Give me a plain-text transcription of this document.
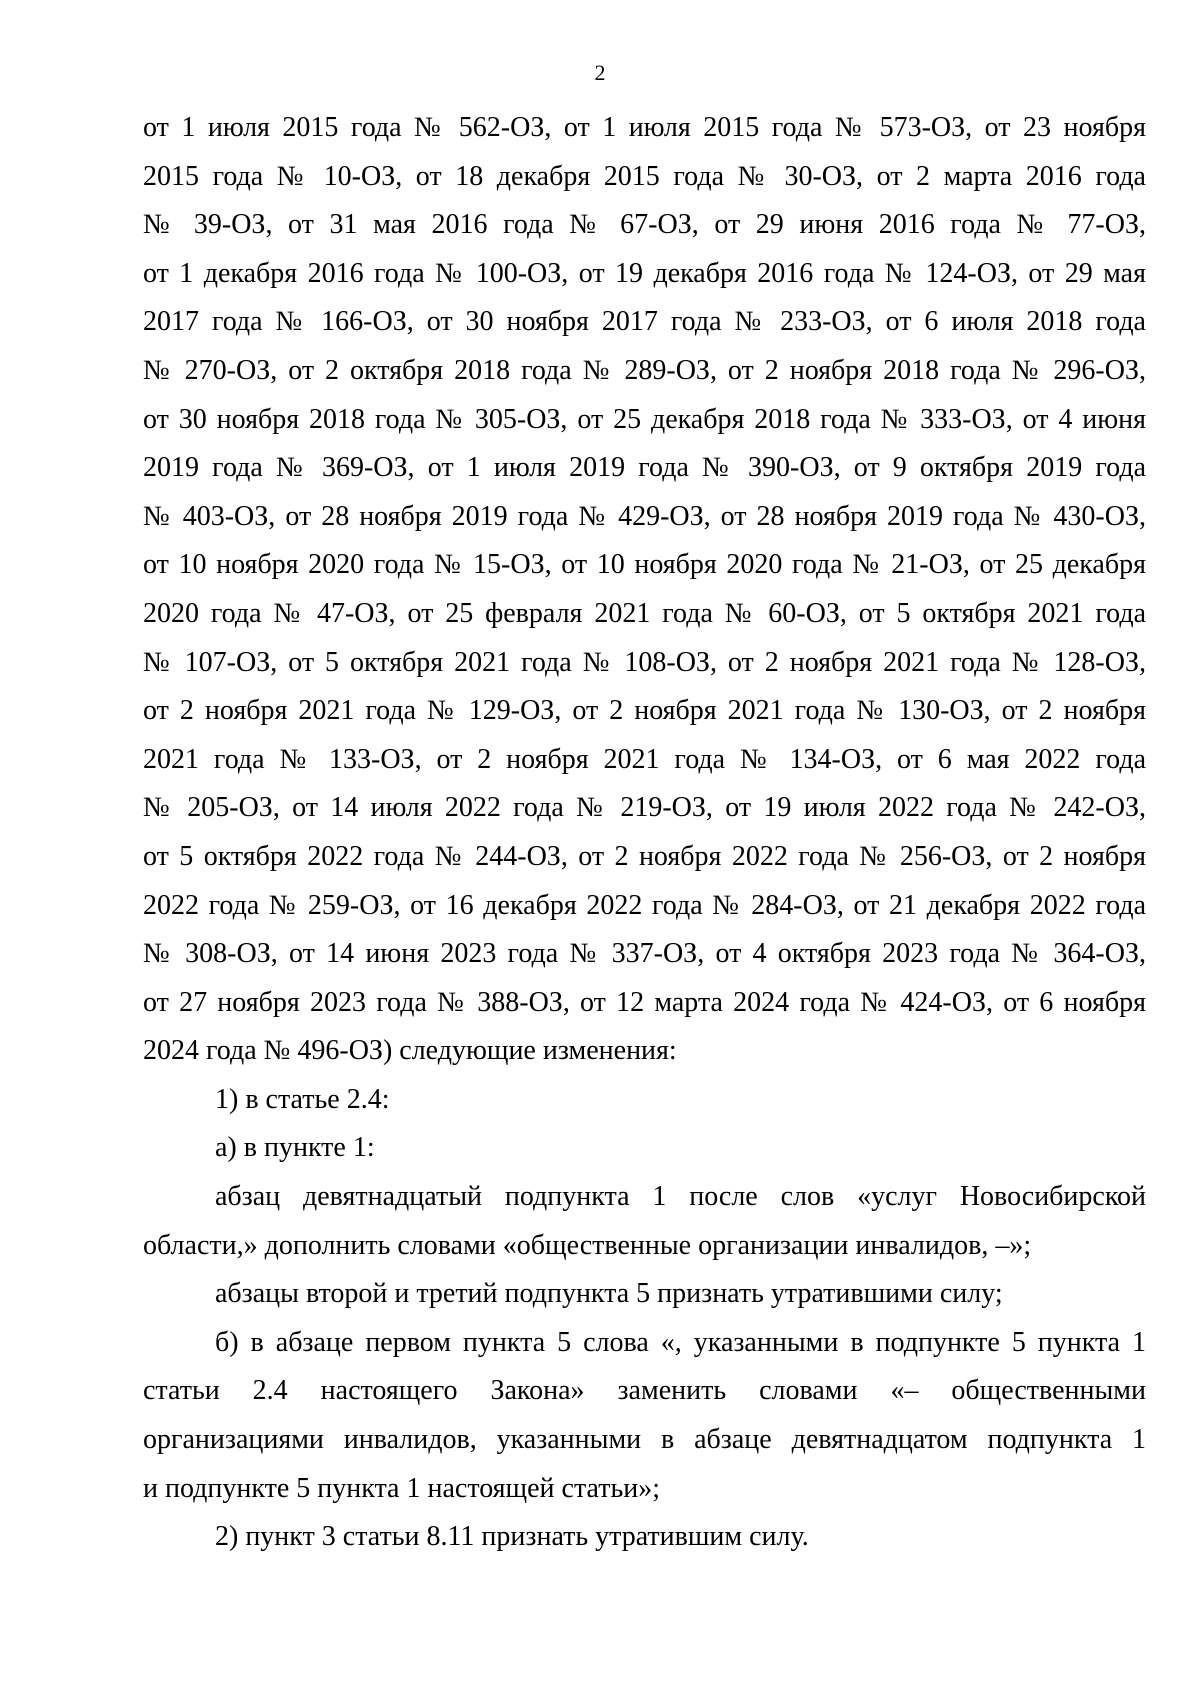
2
от 1 июля 2015 года № 562-ОЗ, от 1 июля 2015 года № 573-ОЗ, от 23 ноября
2015 года № 10-ОЗ, от 18 декабря 2015 года № 30-ОЗ, от 2 марта 2016 года
№ 39-ОЗ, от 31 мая 2016 года № 67-ОЗ, от 29 июня 2016 года № 77-ОЗ,
от 1 декабря 2016 года № 100-ОЗ, от 19 декабря 2016 года № 124-ОЗ, от 29 мая
2017 года № 166-ОЗ, от 30 ноября 2017 года № 233-ОЗ, от 6 июля 2018 года
№ 270-ОЗ, от 2 октября 2018 года № 289-ОЗ, от 2 ноября 2018 года № 296-ОЗ,
от 30 ноября 2018 года № 305-ОЗ, от 25 декабря 2018 года № 333-ОЗ, от 4 июня
2019 года № 369-ОЗ, от 1 июля 2019 года № 390-ОЗ, от 9 октября 2019 года
№ 403-ОЗ, от 28 ноября 2019 года № 429-ОЗ, от 28 ноября 2019 года № 430-ОЗ,
от 10 ноября 2020 года № 15-ОЗ, от 10 ноября 2020 года № 21-ОЗ, от 25 декабря
2020 года № 47-ОЗ, от 25 февраля 2021 года № 60-ОЗ, от 5 октября 2021 года
№ 107-ОЗ, от 5 октября 2021 года № 108-ОЗ, от 2 ноября 2021 года № 128-ОЗ,
от 2 ноября 2021 года № 129-ОЗ, от 2 ноября 2021 года № 130-ОЗ, от 2 ноября
2021 года № 133-ОЗ, от 2 ноября 2021 года № 134-ОЗ, от 6 мая 2022 года
№ 205-ОЗ, от 14 июля 2022 года № 219-ОЗ, от 19 июля 2022 года № 242-ОЗ,
от 5 октября 2022 года № 244-ОЗ, от 2 ноября 2022 года № 256-ОЗ, от 2 ноября
2022 года № 259-ОЗ, от 16 декабря 2022 года № 284-ОЗ, от 21 декабря 2022 года
№ 308-ОЗ, от 14 июня 2023 года № 337-ОЗ, от 4 октября 2023 года № 364-ОЗ,
от 27 ноября 2023 года № 388-ОЗ, от 12 марта 2024 года № 424-ОЗ, от 6 ноября
2024 года № 496-ОЗ) следующие изменения:
1) в статье 2.4:
а) в пункте 1:
абзац девятнадцатый подпункта 1 после слов «услуг Новосибирской
области,» дополнить словами «общественные организации инвалидов, –»;
абзацы второй и третий подпункта 5 признать утратившими силу;
б) в абзаце первом пункта 5 слова «, указанными в подпункте 5 пункта 1
статьи 2.4 настоящего Закона» заменить словами «– общественными
организациями инвалидов, указанными в абзаце девятнадцатом подпункта 1
и подпункте 5 пункта 1 настоящей статьи»;
2) пункт 3 статьи 8.11 признать утратившим силу.
